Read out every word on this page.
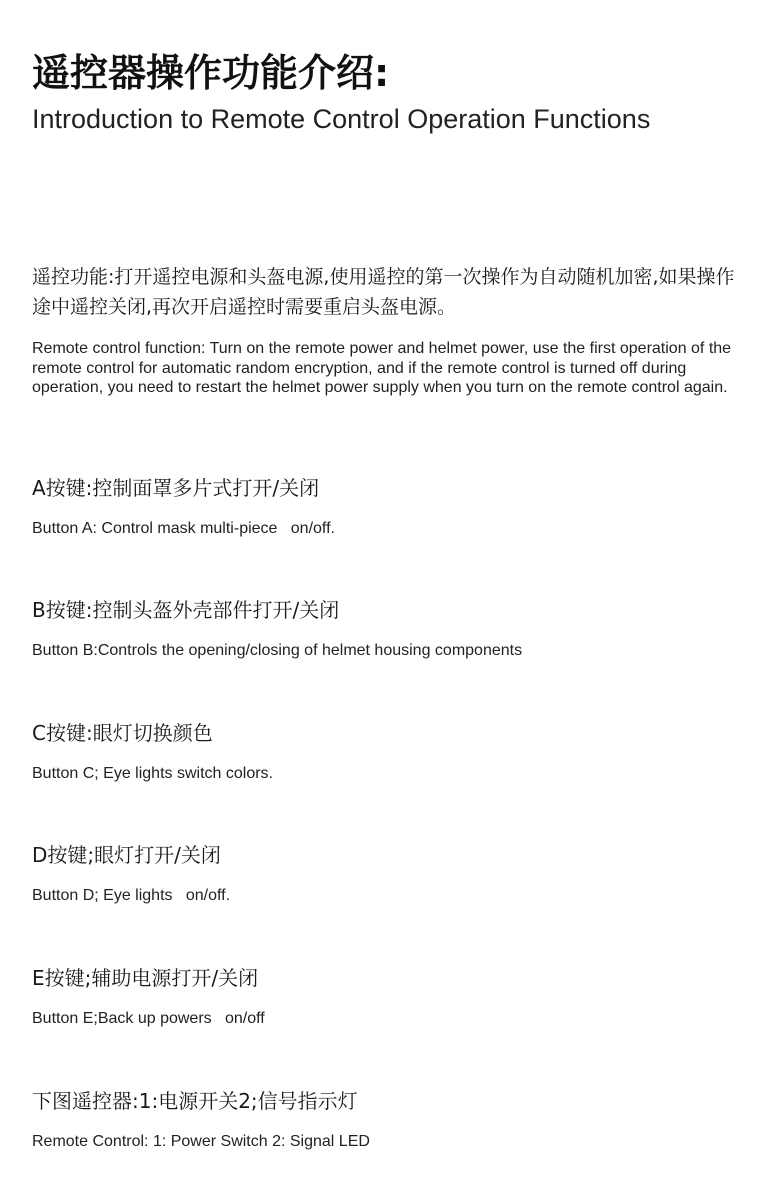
遥控器操作功能介绍:
Introduction to Remote Control Operation Functions
遥控功能:打开遥控电源和头盔电源,使用遥控的第一次操作为自动随机加密,如果操作途中遥控关闭,再次开启遥控时需要重启头盔电源。
Remote control function: Turn on the remote power and helmet power, use the first operation of the remote control for automatic random encryption, and if the remote control is turned off during operation, you need to restart the helmet power supply when you turn on the remote control again.
A按键:控制面罩多片式打开/关闭
Button A: Control mask multi-piece   on/off.
B按键:控制头盔外壳部件打开/关闭
Button B:Controls the opening/closing of helmet housing components
C按键:眼灯切换颜色
Button C; Eye lights switch colors.
D按键;眼灯打开/关闭
Button D; Eye lights   on/off.
E按键;辅助电源打开/关闭
Button E;Back up powers   on/off
下图遥控器:1:电源开关2;信号指示灯
Remote Control: 1: Power Switch 2: Signal LED
